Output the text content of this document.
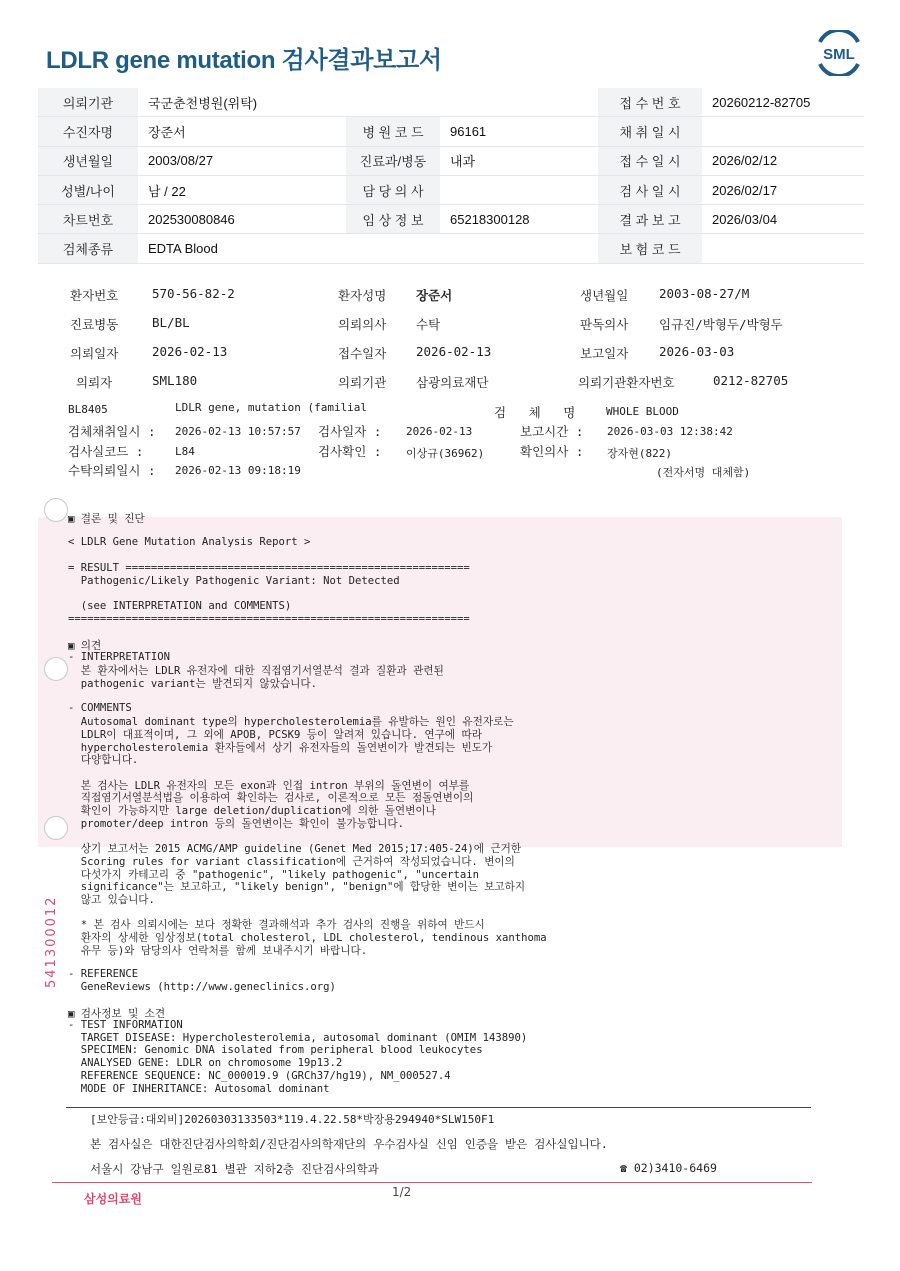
LDLR gene mutation 검사결과보고서	SML
의뢰기관	국군춘천병원(위탁)			접 수 번 호	20260212-82705
수진자명	장준서	병 원 코 드	96161	채 취 일 시	
생년월일	2003/08/27	진료과/병동	내과	접 수 일 시	2026/02/12
성별/나이	남 / 22	담 당 의 사		검 사 일 시	2026/02/17
차트번호	202530080846	임 상 정 보	65218300128	결 과 보 고	2026/03/04
검체종류	EDTA Blood			보 험 코 드	
환자번호	570-56-82-2	환자성명 장준서	생년월일 2003-08-27/M
진료병동	BL/BL	의뢰의사 수탁	판독의사 임규진/박형두/박형두
의뢰일자	2026-02-13	접수일자 2026-02-13	보고일자 2026-03-03
의뢰자	SML180	의뢰기관 삼광의료재단	의뢰기관환자번호	0212-82705
BL8405	LDLR gene, mutation (familial	검   체   명	WHOLE BLOOD
검체채취일시 : 2026-02-13 10:57:57 검사일자 : 2026-02-13	보고시간 : 2026-03-03 12:38:42
검사실코드 :	L84	검사확인 : 이상규(36962)	확인의사 : 장자현(822)
수탁의뢰일시 : 2026-02-13 09:18:19	(전자서명 대체함)
▣ 결론 및 진단
< LDLR Gene Mutation Analysis Report >
= RESULT ======================================================
Pathogenic/Likely Pathogenic Variant: Not Detected
(see INTERPRETATION and COMMENTS)
===============================================================
▣ 의견
- INTERPRETATION
본 환자에서는 LDLR 유전자에 대한 직접염기서열분석 결과 질환과 관련된
pathogenic variant는 발견되지 않았습니다.
- COMMENTS
Autosomal dominant type의 hypercholesterolemia를 유발하는 원인 유전자로는
LDLR이 대표적이며, 그 외에 APOB, PCSK9 등이 알려져 있습니다. 연구에 따라
hypercholesterolemia 환자들에서 상기 유전자들의 돌연변이가 발견되는 빈도가
다양합니다.
본 검사는 LDLR 유전자의 모든 exon과 인접 intron 부위의 돌연변이 여부를
직접염기서열분석법을 이용하여 확인하는 검사로, 이론적으로 모든 점돌연변이의
확인이 가능하지만 large deletion/duplication에 의한 돌연변이나
promoter/deep intron 등의 돌연변이는 확인이 불가능합니다.
상기 보고서는 2015 ACMG/AMP guideline (Genet Med 2015;17:405-24)에 근거한
Scoring rules for variant classification에 근거하여 작성되었습니다. 변이의
다섯가지 카테고리 중 "pathogenic", "likely pathogenic", "uncertain
significance"는 보고하고, "likely benign", "benign"에 합당한 변이는 보고하지
않고 있습니다.
* 본 검사 의뢰시에는 보다 정확한 결과해석과 추가 검사의 진행을 위하여 반드시
환자의 상세한 임상정보(total cholesterol, LDL cholesterol, tendinous xanthoma
유무 등)와 담당의사 연락처를 함께 보내주시기 바랍니다.
- REFERENCE
GeneReviews (http://www.geneclinics.org)
▣ 검사정보 및 소견
- TEST INFORMATION
TARGET DISEASE: Hypercholesterolemia, autosomal dominant (OMIM 143890)
SPECIMEN: Genomic DNA isolated from peripheral blood leukocytes
ANALYSED GENE: LDLR on chromosome 19p13.2
REFERENCE SEQUENCE: NC_000019.9 (GRCh37/hg19), NM_000527.4
MODE OF INHERITANCE: Autosomal dominant
541300012
[보안등급:대외비]20260303133503*119.4.22.58*박장용294940*SLW150F1
본 검사실은 대한진단검사의학회/진단검사의학재단의 우수검사실 신임 인증을 받은 검사실입니다.
서울시 강남구 일원로81 별관 지하2층 진단검사의학과	☎ 02)3410-6469
삼성의료원	1/2
